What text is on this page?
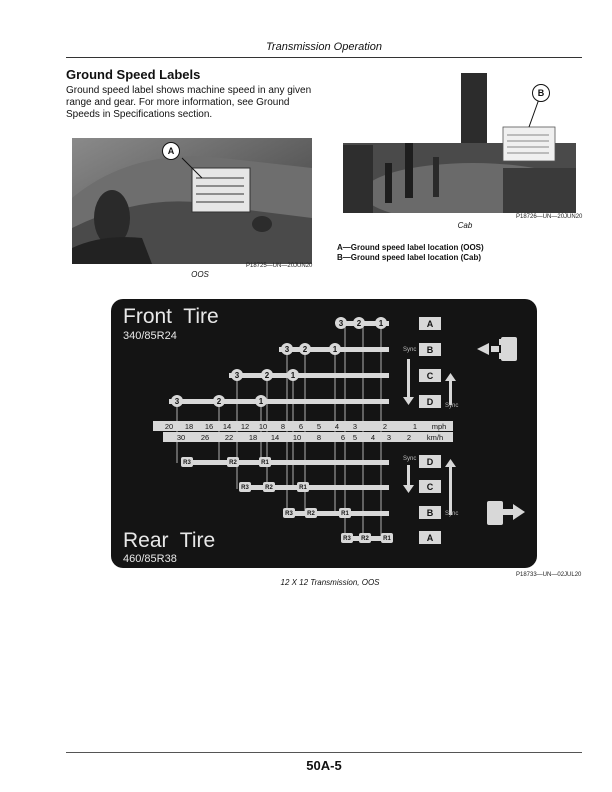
Transmission Operation
Ground Speed Labels
Ground speed label shows machine speed in any given range and gear. For more information, see Ground Speeds in Specifications section.
A
P18725—UN—20JUN20
OOS
B
P18726—UN—20JUN20
Cab
A—Ground speed label location (OOS)
B—Ground speed label location (Cab)
Front  Tire
340/85R24
Rear  Tire
460/85R38
3 2 1
3 2	1
3	2	1
3	2	1
R3	R2	R1
R3	R2	R1
R3 R2	R1
R3 R2 R1
20 18 16 14 12 10 8 6 5 4 3	2	1 mph
30 26 22 18 14 10 8	6 5 4 3 2 km/h
A
B
C
D
D
C
B
A
Sync
Sync
Sync
Sync
P18733—UN—02JUL20
12 X 12 Transmission, OOS
50A-5
